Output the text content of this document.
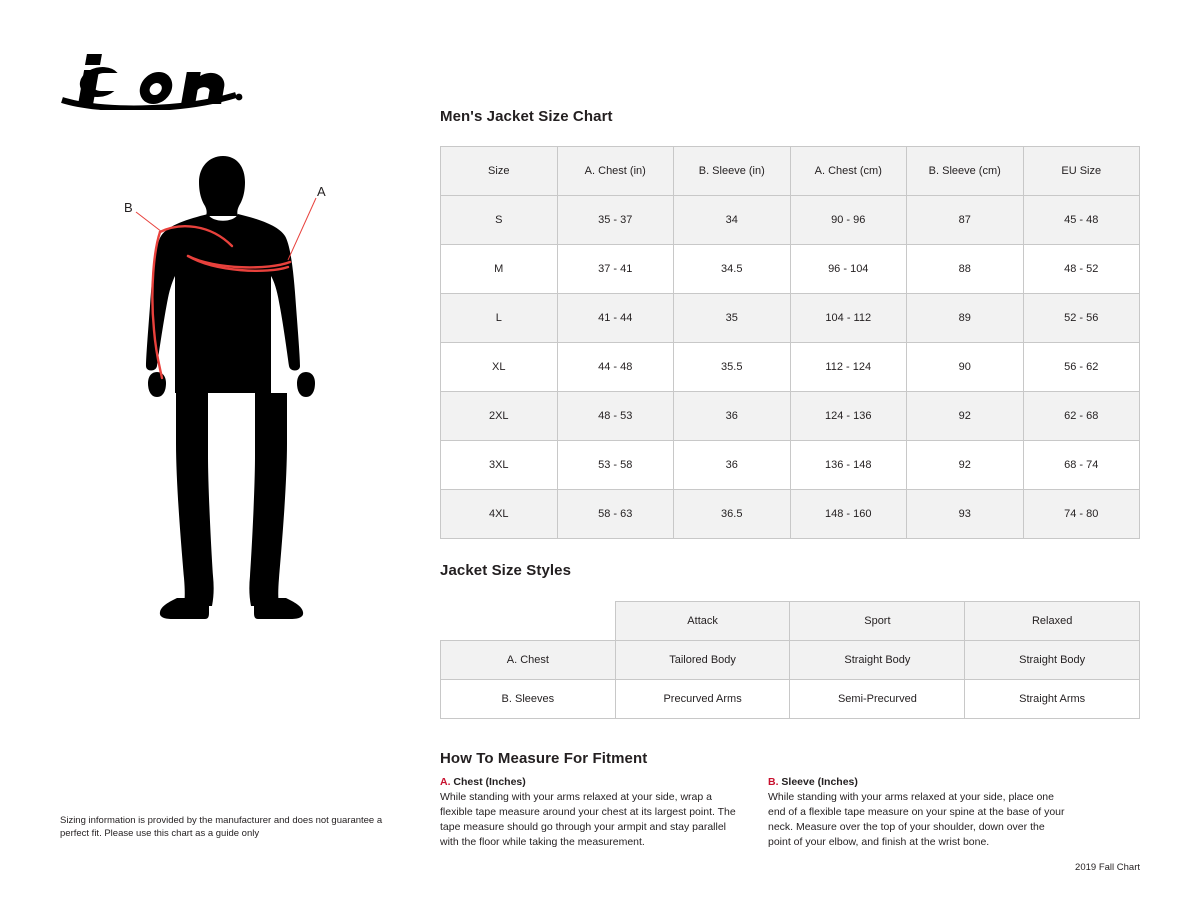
A
B
Sizing information is provided by the manufacturer and does not guarantee a perfect fit. Please use this chart as a guide only
Men's Jacket Size Chart
Size	A. Chest (in)	B. Sleeve (in)	A. Chest (cm)	B. Sleeve (cm)	EU Size
S	35 - 37	34	90 - 96	87	45 - 48
M	37 - 41	34.5	96 - 104	88	48 - 52
L	41 - 44	35	104 - 112	89	52 - 56
XL	44 - 48	35.5	112 - 124	90	56 - 62
2XL	48 - 53	36	124 - 136	92	62 - 68
3XL	53 - 58	36	136 - 148	92	68 - 74
4XL	58 - 63	36.5	148 - 160	93	74 - 80
Jacket Size Styles
	Attack	Sport	Relaxed
A. Chest	Tailored Body	Straight Body	Straight Body
B. Sleeves	Precurved Arms	Semi-Precurved	Straight Arms
How To Measure For Fitment
A. Chest (Inches)
While standing with your arms relaxed at your side, wrap a flexible tape measure around your chest at its largest point. The tape measure should go through your armpit and stay parallel with the floor while taking the measurement.
B. Sleeve (Inches)
While standing with your arms relaxed at your side, place one end of a flexible tape measure on your spine at the base of your neck. Measure over the top of your shoulder, down over the point of your elbow, and finish at the wrist bone.
2019 Fall Chart
